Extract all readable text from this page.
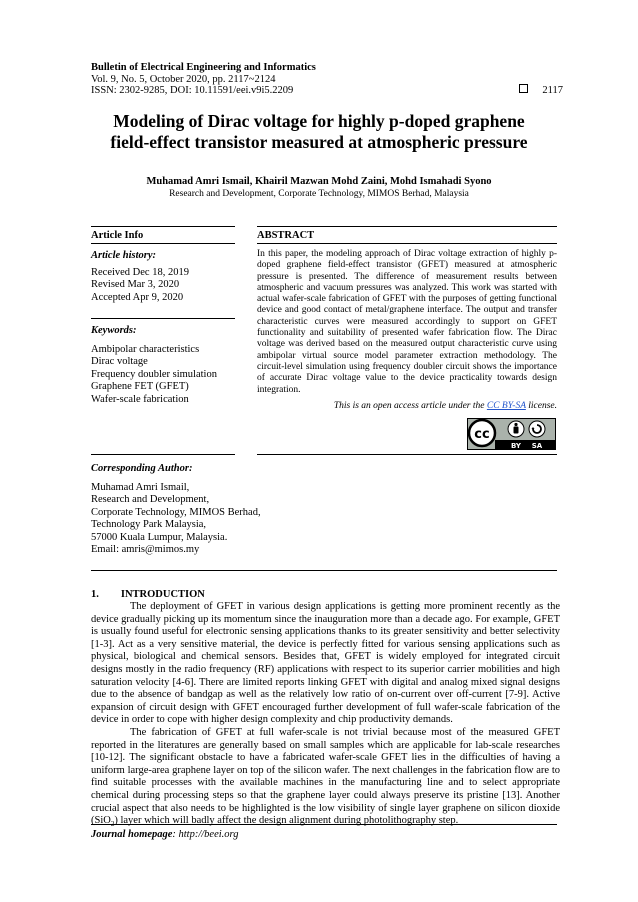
Bulletin of Electrical Engineering and Informatics
Vol. 9, No. 5, October 2020, pp. 2117~2124
ISSN: 2302-9285, DOI: 10.11591/eei.v9i5.2209	2117
Modeling of Dirac voltage for highly p-doped graphene
field-effect transistor measured at atmospheric pressure
Muhamad Amri Ismail, Khairil Mazwan Mohd Zaini, Mohd Ismahadi Syono
Research and Development, Corporate Technology, MIMOS Berhad, Malaysia
Article Info
Article history:
Received Dec 18, 2019
Revised Mar 3, 2020
Accepted Apr 9, 2020
Keywords:
Ambipolar characteristics
Dirac voltage
Frequency doubler simulation
Graphene FET (GFET)
Wafer-scale fabrication
ABSTRACT
In this paper, the modeling approach of Dirac voltage extraction of highly p-doped graphene field-effect transistor (GFET) measured at atmospheric pressure is presented. The difference of measurement results between atmospheric and vacuum pressures was analyzed. This work was started with actual wafer-scale fabrication of GFET with the purposes of getting functional device and good contact of metal/graphene interface. The output and transfer characteristic curves were measured accordingly to support on GFET functionality and suitability of presented wafer fabrication flow. The Dirac voltage was derived based on the measured output characteristic curve using ambipolar virtual source model parameter extraction methodology. The circuit-level simulation using frequency doubler circuit shows the importance of accurate Dirac voltage value to the device practicality towards design integration.
This is an open access article under the CC BY-SA license.
cc
BY SA
Corresponding Author:
Muhamad Amri Ismail,
Research and Development,
Corporate Technology, MIMOS Berhad,
Technology Park Malaysia,
57000 Kuala Lumpur, Malaysia.
Email: amris@mimos.my
1. INTRODUCTION

The deployment of GFET in various design applications is getting more prominent recently as the device gradually picking up its momentum since the inauguration more than a decade ago. For example, GFET is usually found useful for electronic sensing applications thanks to its greater sensitivity and better selectivity [1-3]. Act as a very sensitive material, the device is perfectly fitted for various sensing applications such as physical, biological and chemical sensors. Besides that, GFET is widely employed for integrated circuit designs mostly in the radio frequency (RF) applications with respect to its superior carrier mobilities and high saturation velocity [4-6]. There are limited reports linking GFET with digital and analog mixed signal designs due to the absence of bandgap as well as the relatively low ratio of on-current over off-current [7-9]. Active expansion of circuit design with GFET encouraged further development of full wafer-scale fabrication of the device in order to cope with higher design complexity and chip productivity demands.

The fabrication of GFET at full wafer-scale is not trivial because most of the measured GFET reported in the literatures are generally based on small samples which are applicable for lab-scale researches [10-12]. The significant obstacle to have a fabricated wafer-scale GFET lies in the difficulties of having a uniform large-area graphene layer on top of the silicon wafer. The next challenges in the fabrication flow are to find suitable processes with the available machines in the manufacturing line and to select appropriate chemical during processing steps so that the graphene layer could always preserve its pristine [13]. Another crucial aspect that also needs to be highlighted is the low visibility of single layer graphene on silicon dioxide (SiO$_2$) layer which will badly affect the design alignment during photolithography step.

Journal homepage: http://beei.org
